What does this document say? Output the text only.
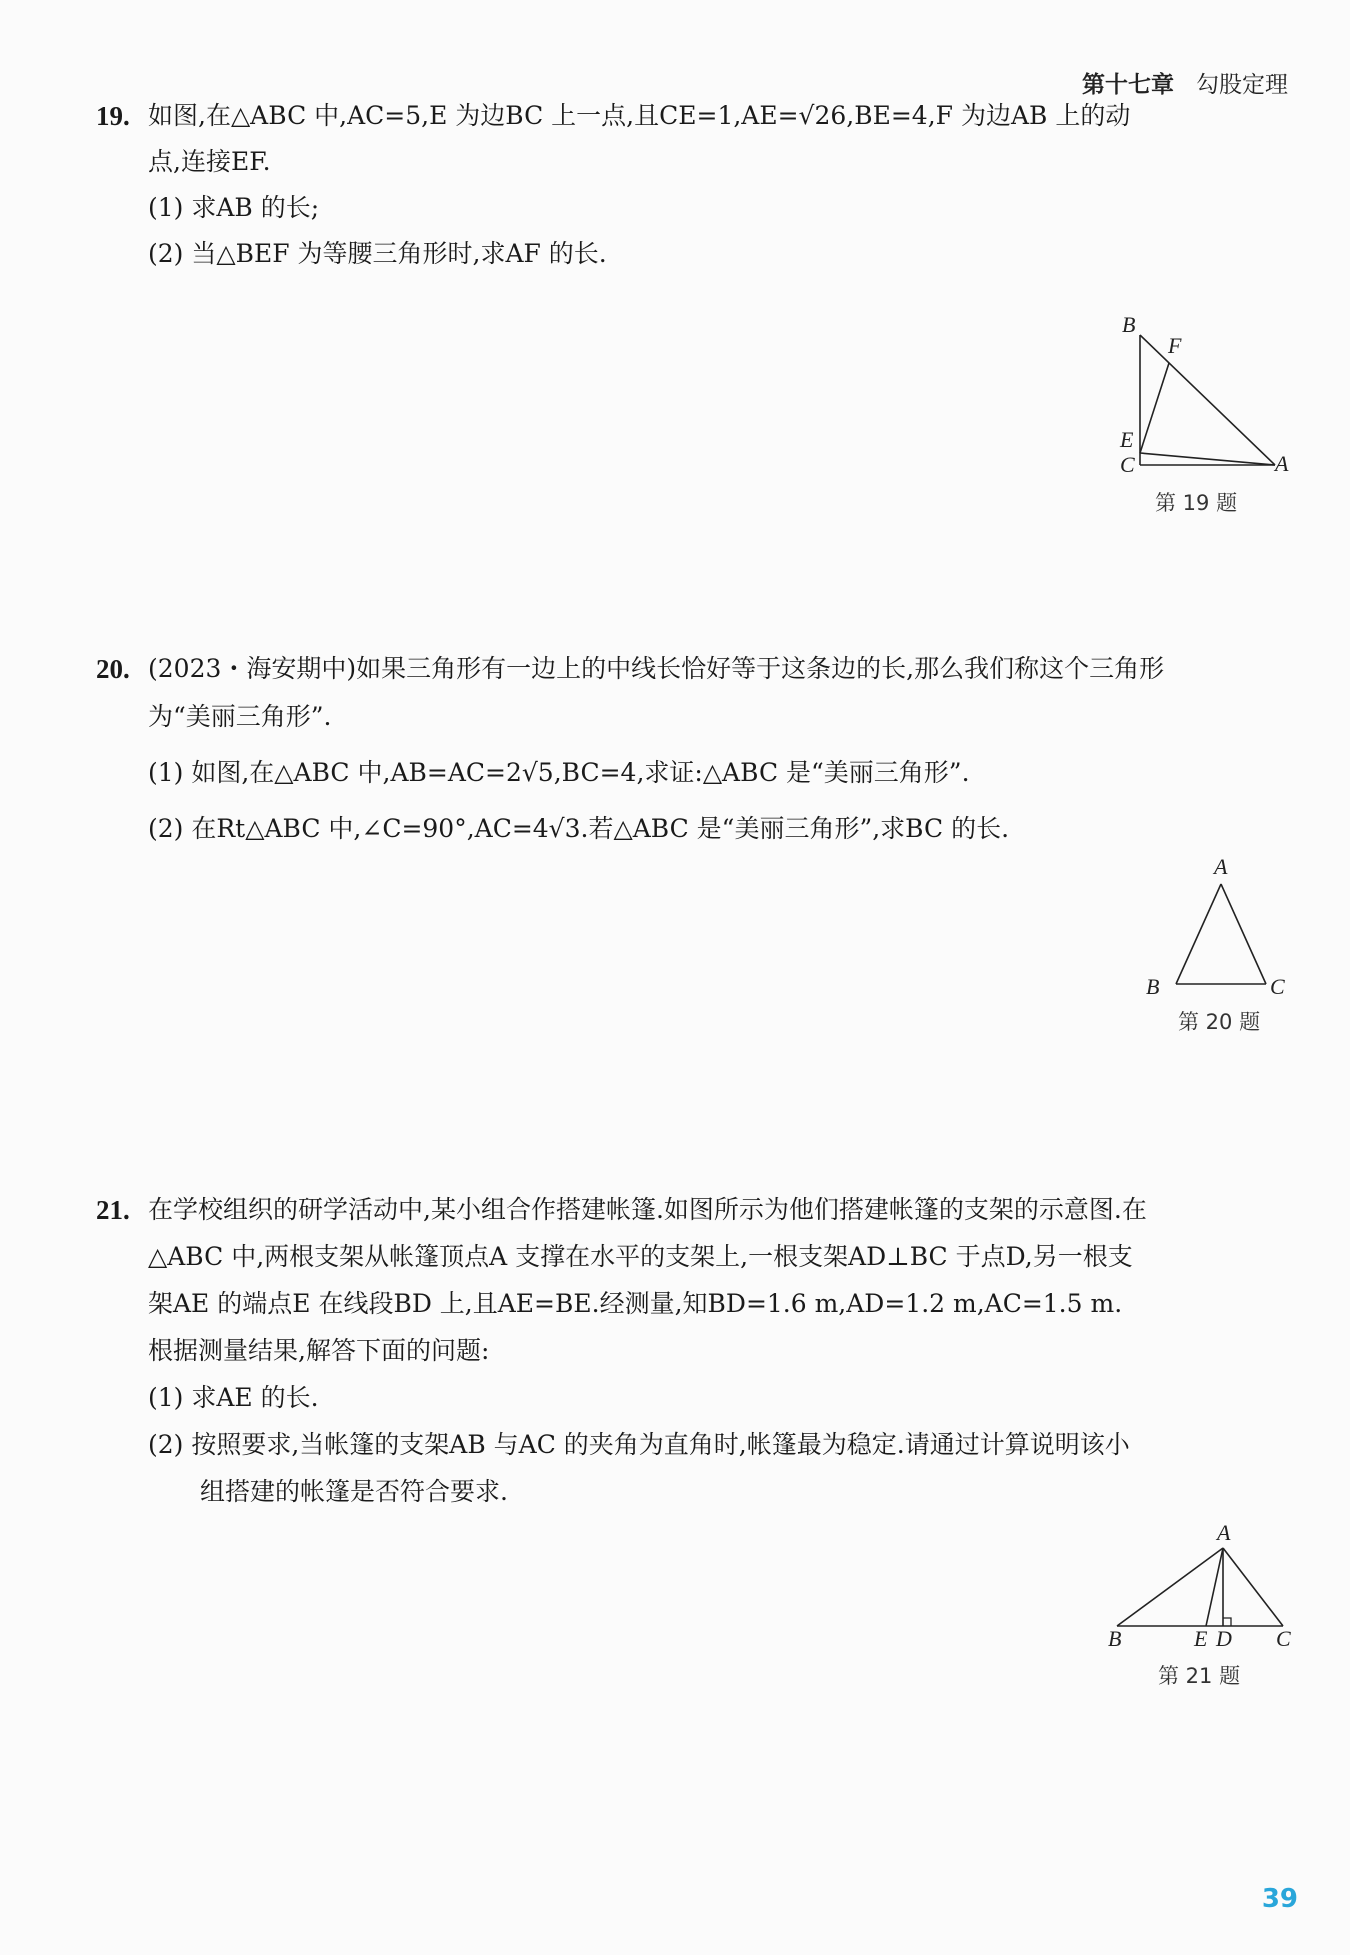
第十七章 勾股定理
19. 如图,在△ABC 中,AC=5,E 为边BC 上一点,且CE=1,AE=√26,BE=4,F 为边AB 上的动
点,连接EF.
(1) 求AB 的长;
(2) 当△BEF 为等腰三角形时,求AF 的长.
B
F
E
C	A
第 19 题
20. (2023・海安期中)如果三角形有一边上的中线长恰好等于这条边的长,那么我们称这个三角形
为“美丽三角形”.
(1) 如图,在△ABC 中,AB=AC=2√5,BC=4,求证:△ABC 是“美丽三角形”.
(2) 在Rt△ABC 中,∠C=90°,AC=4√3.若△ABC 是“美丽三角形”,求BC 的长.
A
B	C
第 20 题
21. 在学校组织的研学活动中,某小组合作搭建帐篷.如图所示为他们搭建帐篷的支架的示意图.在
△ABC 中,两根支架从帐篷顶点A 支撑在水平的支架上,一根支架AD⊥BC 于点D,另一根支
架AE 的端点E 在线段BD 上,且AE=BE.经测量,知BD=1.6 m,AD=1.2 m,AC=1.5 m.
根据测量结果,解答下面的问题:
(1) 求AE 的长.
(2) 按照要求,当帐篷的支架AB 与AC 的夹角为直角时,帐篷最为稳定.请通过计算说明该小
组搭建的帐篷是否符合要求.
A
B	E D C
第 21 题
39
